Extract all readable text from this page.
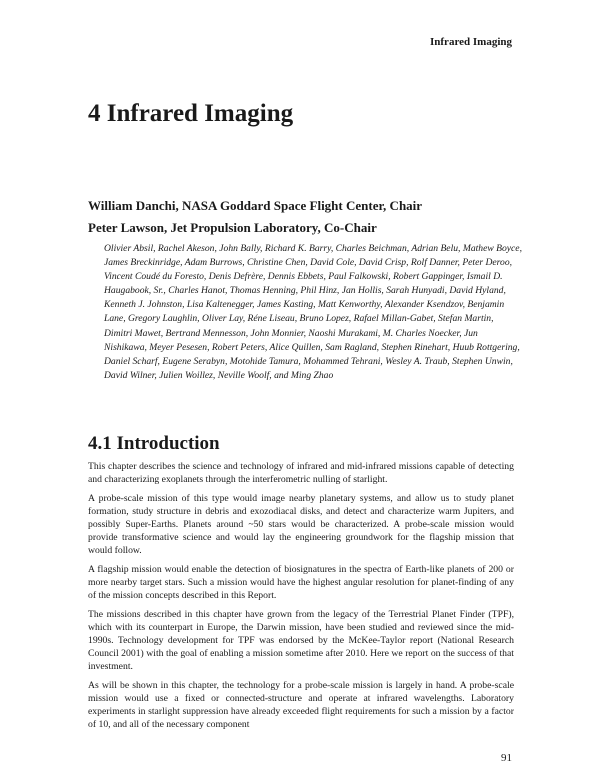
Infrared Imaging
4 Infrared Imaging

William Danchi, NASA Goddard Space Flight Center, Chair

Peter Lawson, Jet Propulsion Laboratory, Co-Chair

Olivier Absil, Rachel Akeson, John Bally, Richard K. Barry, Charles Beichman, Adrian Belu, Mathew Boyce, James Breckinridge, Adam Burrows, Christine Chen, David Cole, David Crisp, Rolf Danner, Peter Deroo, Vincent Coudé du Foresto, Denis Defrère, Dennis Ebbets, Paul Falkowski, Robert Gappinger, Ismail D. Haugabook, Sr., Charles Hanot, Thomas Henning, Phil Hinz, Jan Hollis, Sarah Hunyadi, David Hyland, Kenneth J. Johnston, Lisa Kaltenegger, James Kasting, Matt Kenworthy, Alexander Ksendzov, Benjamin Lane, Gregory Laughlin, Oliver Lay, Réne Liseau, Bruno Lopez, Rafael Millan-Gabet, Stefan Martin, Dimitri Mawet, Bertrand Mennesson, John Monnier, Naoshi Murakami, M. Charles Noecker, Jun Nishikawa, Meyer Pesesen, Robert Peters, Alice Quillen, Sam Ragland, Stephen Rinehart, Huub Rottgering, Daniel Scharf, Eugene Serabyn, Motohide Tamura, Mohammed Tehrani, Wesley A. Traub, Stephen Unwin, David Wilner, Julien Woillez, Neville Woolf, and Ming Zhao

4.1 Introduction

This chapter describes the science and technology of infrared and mid-infrared missions capable of detecting and characterizing exoplanets through the interferometric nulling of starlight.

A probe-scale mission of this type would image nearby planetary systems, and allow us to study planet formation, study structure in debris and exozodiacal disks, and detect and characterize warm Jupiters, and possibly Super-Earths. Planets around ~50 stars would be characterized. A probe-scale mission would provide transformative science and would lay the engineering groundwork for the flagship mission that would follow.

A flagship mission would enable the detection of biosignatures in the spectra of Earth-like planets of 200 or more nearby target stars. Such a mission would have the highest angular resolution for planet-finding of any of the mission concepts described in this Report.

The missions described in this chapter have grown from the legacy of the Terrestrial Planet Finder (TPF), which with its counterpart in Europe, the Darwin mission, have been studied and reviewed since the mid-1990s. Technology development for TPF was endorsed by the McKee-Taylor report (National Research Council 2001) with the goal of enabling a mission sometime after 2010. Here we report on the success of that investment.

As will be shown in this chapter, the technology for a probe-scale mission is largely in hand. A probe-scale mission would use a fixed or connected-structure and operate at infrared wavelengths. Laboratory experiments in starlight suppression have already exceeded flight requirements for such a mission by a factor of 10, and all of the necessary component

91
